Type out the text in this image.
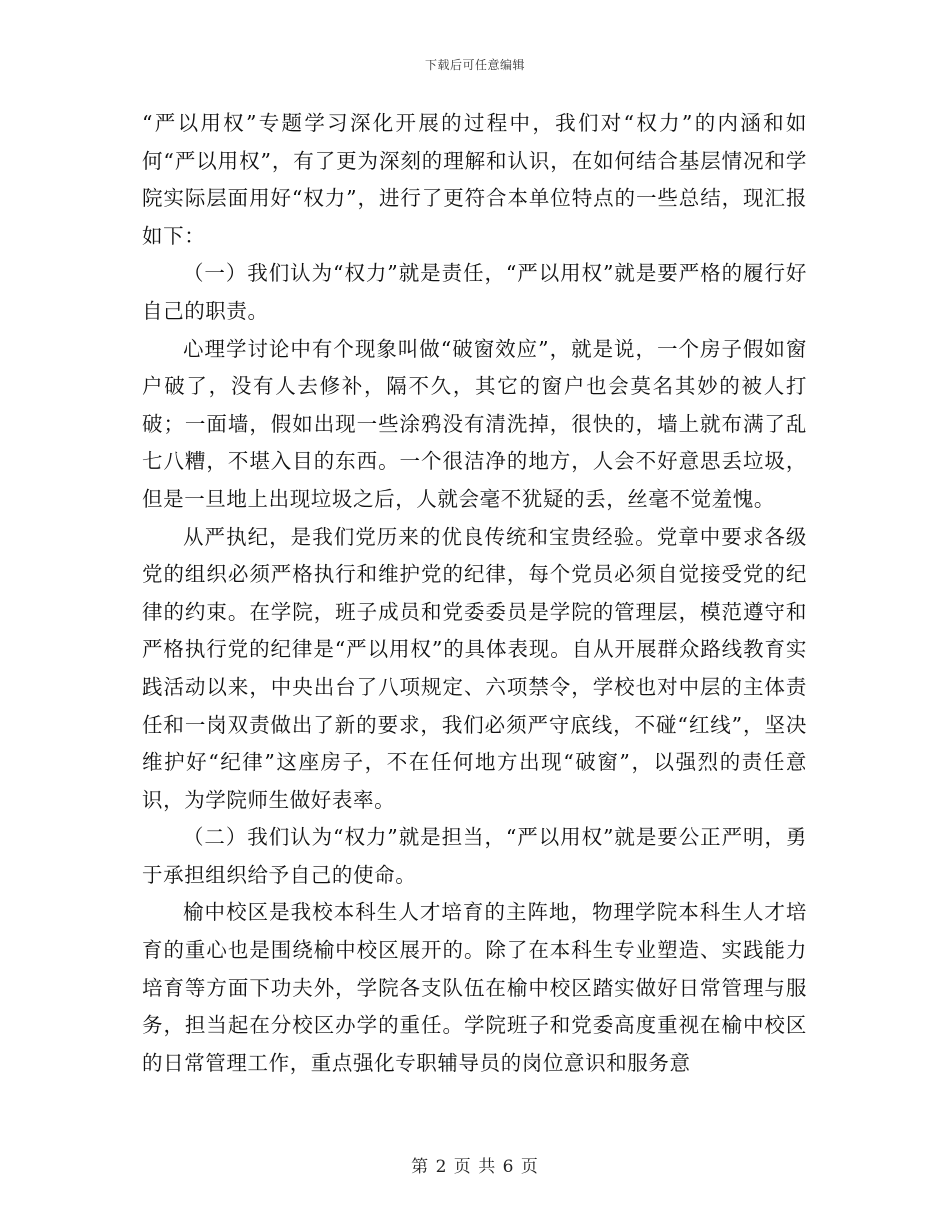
下载后可任意编辑

“严以用权”专题学习深化开展的过程中，我们对“权力”的内涵和如何“严以用权”，有了更为深刻的理解和认识，在如何结合基层情况和学院实际层面用好“权力”，进行了更符合本单位特点的一些总结，现汇报如下：

（一）我们认为“权力”就是责任，“严以用权”就是要严格的履行好自己的职责。

心理学讨论中有个现象叫做“破窗效应”，就是说，一个房子假如窗户破了，没有人去修补，隔不久，其它的窗户也会莫名其妙的被人打破；一面墙，假如出现一些涂鸦没有清洗掉，很快的，墙上就布满了乱七八糟，不堪入目的东西。一个很洁净的地方，人会不好意思丢垃圾，但是一旦地上出现垃圾之后，人就会毫不犹疑的丢，丝毫不觉羞愧。

从严执纪，是我们党历来的优良传统和宝贵经验。党章中要求各级党的组织必须严格执行和维护党的纪律，每个党员必须自觉接受党的纪律的约束。在学院，班子成员和党委委员是学院的管理层，模范遵守和严格执行党的纪律是“严以用权”的具体表现。自从开展群众路线教育实践活动以来，中央出台了八项规定、六项禁令，学校也对中层的主体责任和一岗双责做出了新的要求，我们必须严守底线，不碰“红线”，坚决维护好“纪律”这座房子，不在任何地方出现“破窗”，以强烈的责任意识，为学院师生做好表率。

（二）我们认为“权力”就是担当，“严以用权”就是要公正严明，勇于承担组织给予自己的使命。

榆中校区是我校本科生人才培育的主阵地，物理学院本科生人才培育的重心也是围绕榆中校区展开的。除了在本科生专业塑造、实践能力培育等方面下功夫外，学院各支队伍在榆中校区踏实做好日常管理与服务，担当起在分校区办学的重任。学院班子和党委高度重视在榆中校区的日常管理工作，重点强化专职辅导员的岗位意识和服务意

第 2 页 共 6 页
